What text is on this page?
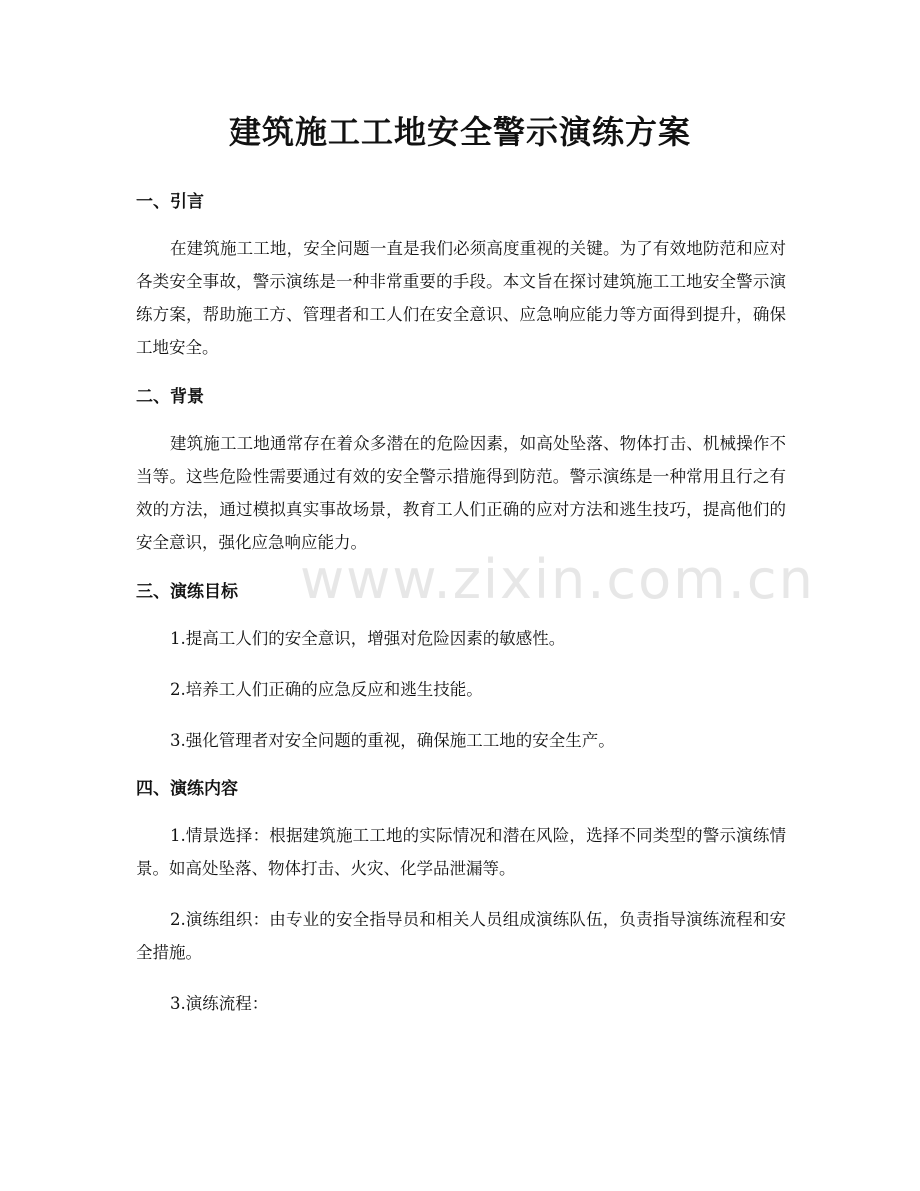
建筑施工工地安全警示演练方案
一、引言

在建筑施工工地，安全问题一直是我们必须高度重视的关键。为了有效地防范和应对各类安全事故，警示演练是一种非常重要的手段。本文旨在探讨建筑施工工地安全警示演练方案，帮助施工方、管理者和工人们在安全意识、应急响应能力等方面得到提升，确保工地安全。

二、背景

建筑施工工地通常存在着众多潜在的危险因素，如高处坠落、物体打击、机械操作不当等。这些危险性需要通过有效的安全警示措施得到防范。警示演练是一种常用且行之有效的方法，通过模拟真实事故场景，教育工人们正确的应对方法和逃生技巧，提高他们的安全意识，强化应急响应能力。

三、演练目标

1.提高工人们的安全意识，增强对危险因素的敏感性。

2.培养工人们正确的应急反应和逃生技能。

3.强化管理者对安全问题的重视，确保施工工地的安全生产。

四、演练内容

1.情景选择：根据建筑施工工地的实际情况和潜在风险，选择不同类型的警示演练情景。如高处坠落、物体打击、火灾、化学品泄漏等。

2.演练组织：由专业的安全指导员和相关人员组成演练队伍，负责指导演练流程和安全措施。

3.演练流程：

www.zixin.com.cn
